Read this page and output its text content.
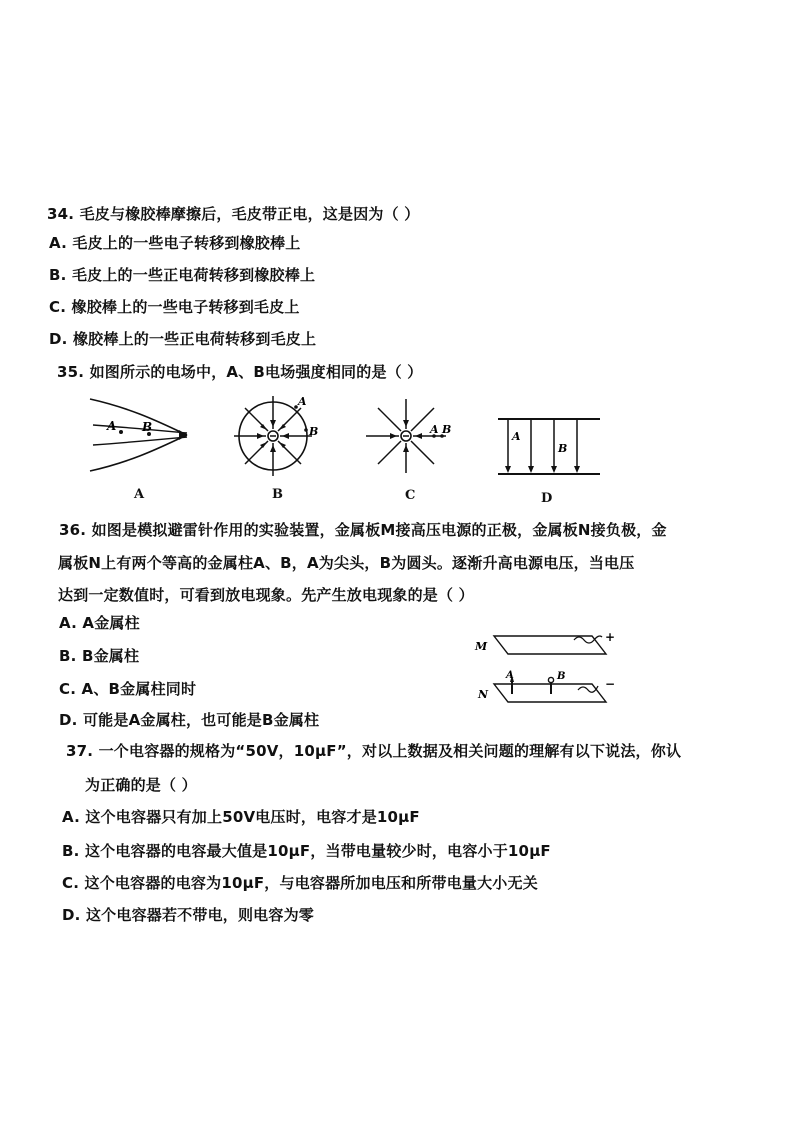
34. 毛皮与橡胶棒摩擦后，毛皮带正电，这是因为（ ）
A. 毛皮上的一些电子转移到橡胶棒上
B. 毛皮上的一些正电荷转移到橡胶棒上
C. 橡胶棒上的一些电子转移到毛皮上
D. 橡胶棒上的一些正电荷转移到毛皮上
35. 如图所示的电场中，A、B电场强度相同的是（ ）
A B
A
A
B
B
A B
C
A
B
D
36. 如图是模拟避雷针作用的实验装置，金属板M接高压电源的正极，金属板N接负极，金
属板N上有两个等高的金属柱A、B，A为尖头，B为圆头。逐渐升高电源电压，当电压
达到一定数值时，可看到放电现象。先产生放电现象的是（ ）
A. A金属柱
B. B金属柱
C. A、B金属柱同时
D. 可能是A金属柱，也可能是B金属柱
M
+
N
−
A	B
37. 一个电容器的规格为“50V，10μF”，对以上数据及相关问题的理解有以下说法，你认
为正确的是（ ）
A. 这个电容器只有加上50V电压时，电容才是10μF
B. 这个电容器的电容最大值是10μF，当带电量较少时，电容小于10μF
C. 这个电容器的电容为10μF，与电容器所加电压和所带电量大小无关
D. 这个电容器若不带电，则电容为零
